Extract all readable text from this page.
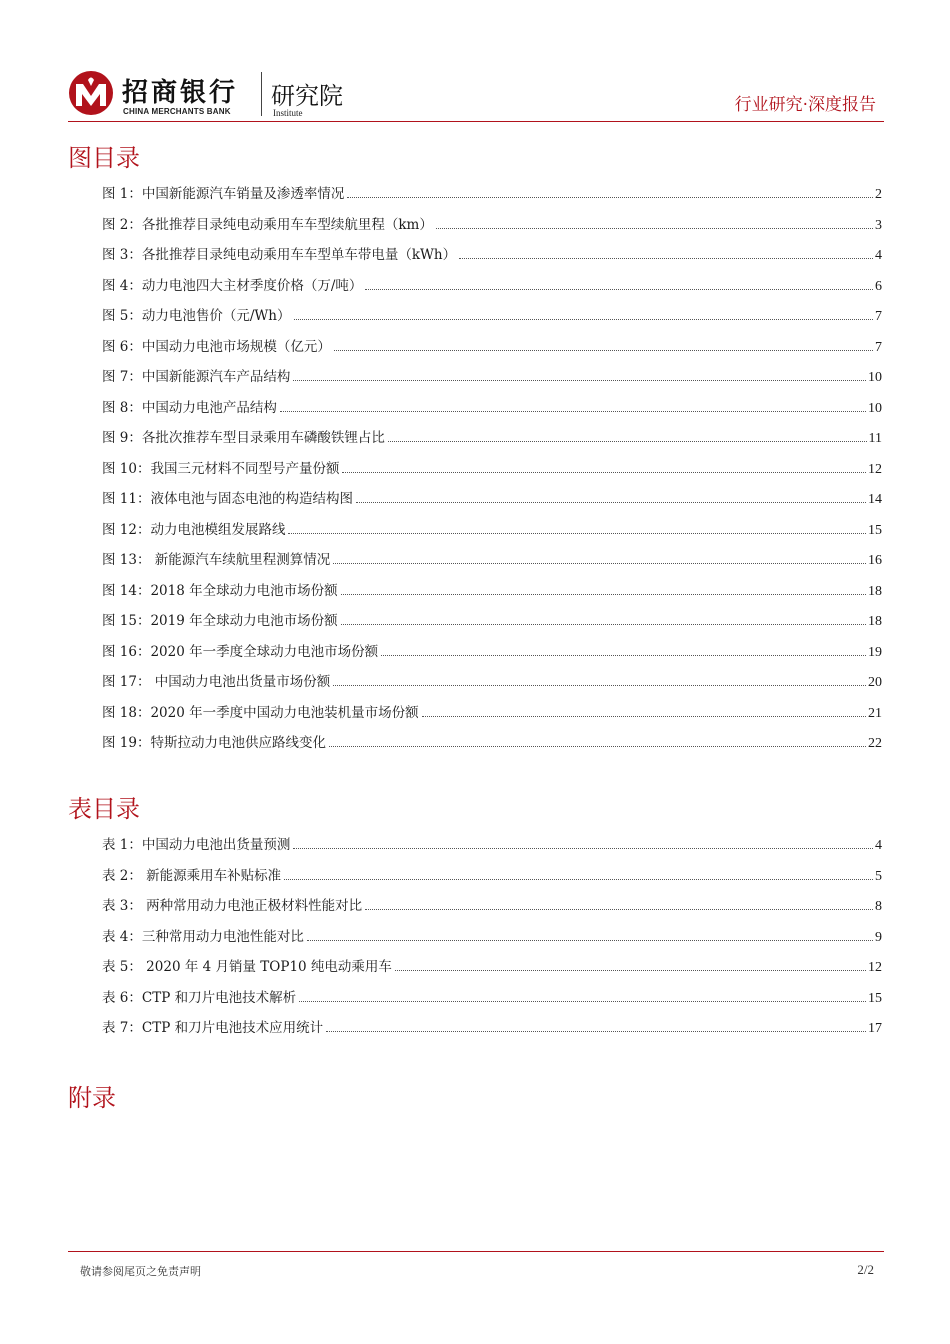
招商银行
CHINA MERCHANTS BANK
研究院
Institute	行业研究·深度报告
图目录
图 1：中国新能源汽车销量及渗透率情况	2
图 2：各批推荐目录纯电动乘用车车型续航里程（km）	3
图 3：各批推荐目录纯电动乘用车车型单车带电量（kWh）	4
图 4：动力电池四大主材季度价格（万/吨）	6
图 5：动力电池售价（元/Wh）	7
图 6：中国动力电池市场规模（亿元）	7
图 7：中国新能源汽车产品结构	10
图 8：中国动力电池产品结构	10
图 9：各批次推荐车型目录乘用车磷酸铁锂占比	11
图 10：我国三元材料不同型号产量份额	12
图 11：液体电池与固态电池的构造结构图	14
图 12：动力电池模组发展路线	15
图 13： 新能源汽车续航里程测算情况	16
图 14：2018 年全球动力电池市场份额	18
图 15：2019 年全球动力电池市场份额	18
图 16：2020 年一季度全球动力电池市场份额	19
图 17： 中国动力电池出货量市场份额	20
图 18：2020 年一季度中国动力电池装机量市场份额	21
图 19：特斯拉动力电池供应路线变化	22
表目录
表 1：中国动力电池出货量预测	4
表 2： 新能源乘用车补贴标准	5
表 3： 两种常用动力电池正极材料性能对比	8
表 4：三种常用动力电池性能对比	9
表 5： 2020 年 4 月销量 TOP10 纯电动乘用车	12
表 6：CTP 和刀片电池技术解析	15
表 7：CTP 和刀片电池技术应用统计	17
附录
敬请参阅尾页之免责声明	2/2
